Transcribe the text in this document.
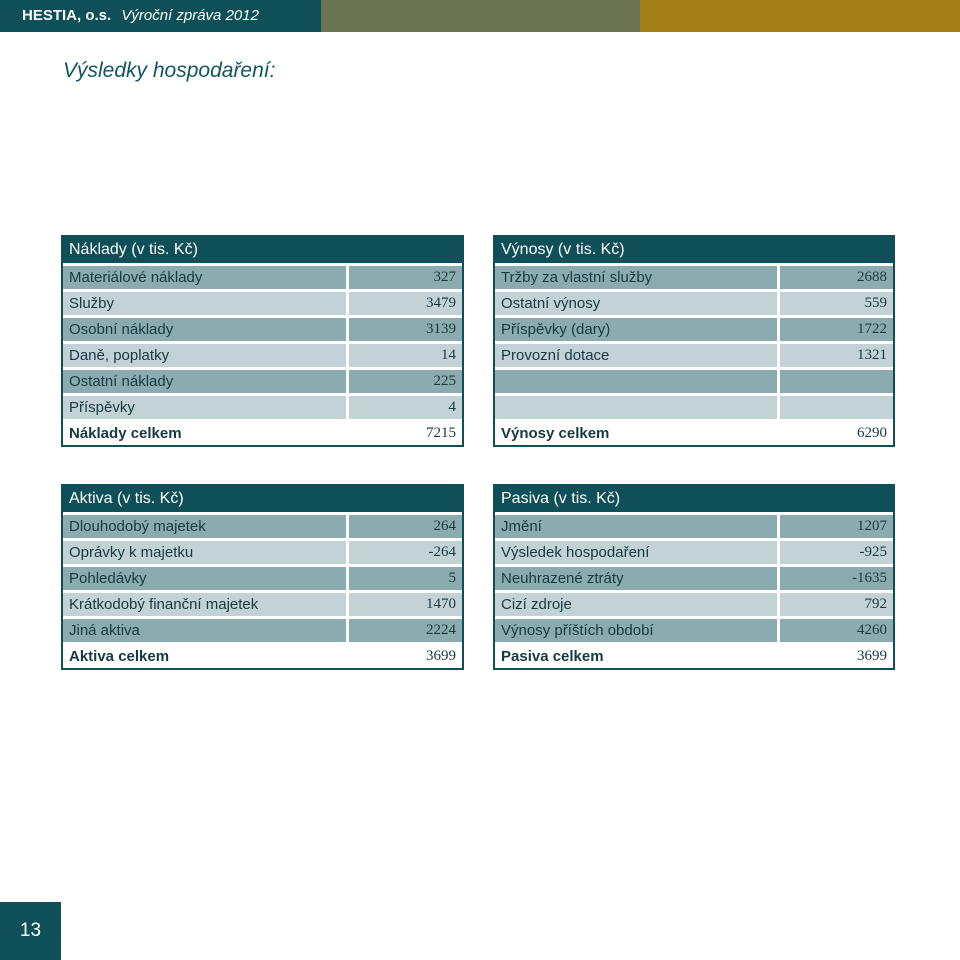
HESTIA, o.s. Výroční zpráva 2012
Výsledky hospodaření:
Náklady (v tis. Kč)	
Materiálové náklady	327
Služby	3479
Osobní náklady	3139
Daně, poplatky	14
Ostatní náklady	225
Příspěvky	4
Náklady celkem	7215
Výnosy (v tis. Kč)	
Tržby za vlastní služby	2688
Ostatní výnosy	559
Příspěvky (dary)	1722
Provozní dotace	1321

Výnosy celkem	6290
Aktiva (v tis. Kč)	
Dlouhodobý majetek	264
Oprávky k majetku	-264
Pohledávky	5
Krátkodobý finanční majetek	1470
Jiná aktiva	2224
Aktiva celkem	3699
Pasiva (v tis. Kč)	
Jmění	1207
Výsledek hospodaření	-925
Neuhrazené ztráty	-1635
Cizí zdroje	792
Výnosy příštích období	4260
Pasiva celkem	3699
13
